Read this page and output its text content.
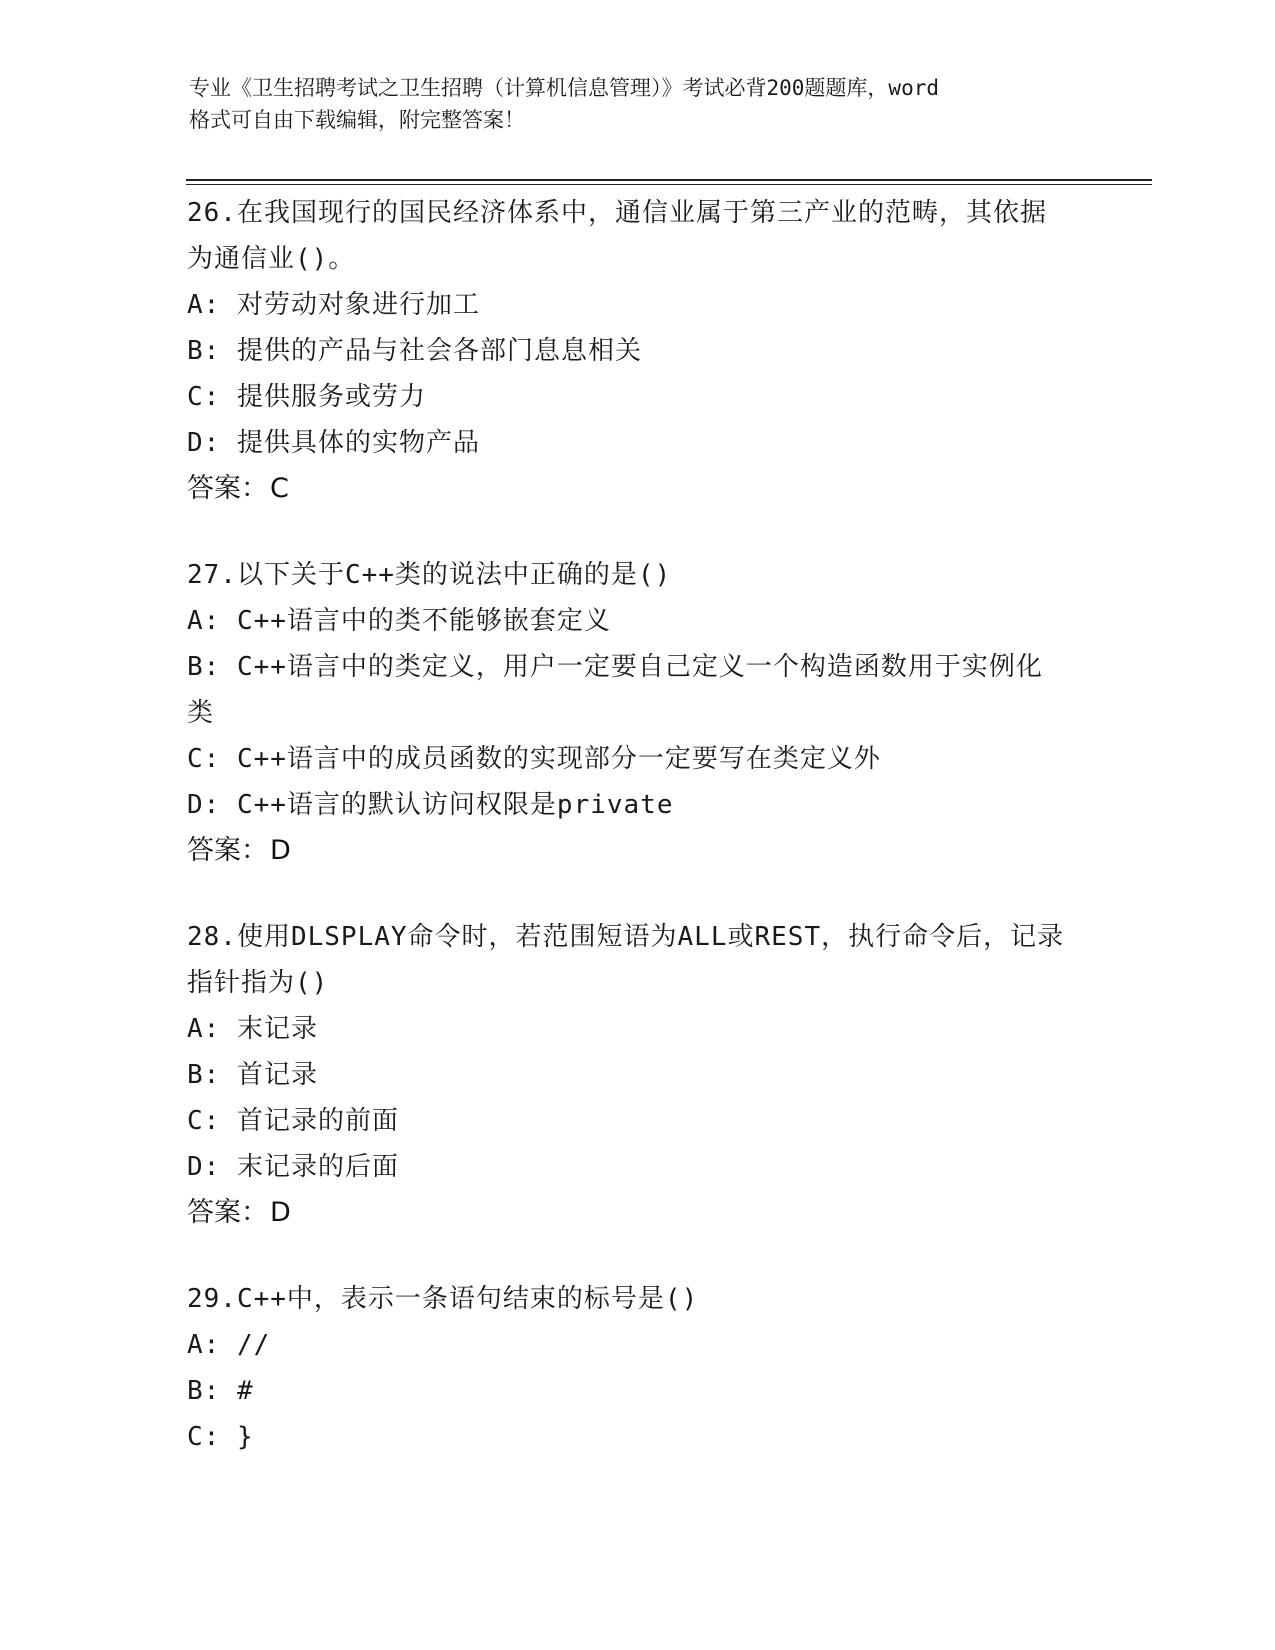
专业《卫生招聘考试之卫生招聘（计算机信息管理）》考试必背200题题库，word
格式可自由下载编辑，附完整答案！
26.在我国现行的国民经济体系中，通信业属于第三产业的范畴，其依据为通信业()。
A: 对劳动对象进行加工
B: 提供的产品与社会各部门息息相关
C: 提供服务或劳力
D: 提供具体的实物产品
答案：C
27.以下关于C++类的说法中正确的是()
A: C++语言中的类不能够嵌套定义
B: C++语言中的类定义，用户一定要自己定义一个构造函数用于实例化类
C: C++语言中的成员函数的实现部分一定要写在类定义外
D: C++语言的默认访问权限是private
答案：D
28.使用DLSPLAY命令时，若范围短语为ALL或REST，执行命令后，记录指针指为()
A: 末记录
B: 首记录
C: 首记录的前面
D: 末记录的后面
答案：D
29.C++中，表示一条语句结束的标号是()
A: //
B: #
C: }
